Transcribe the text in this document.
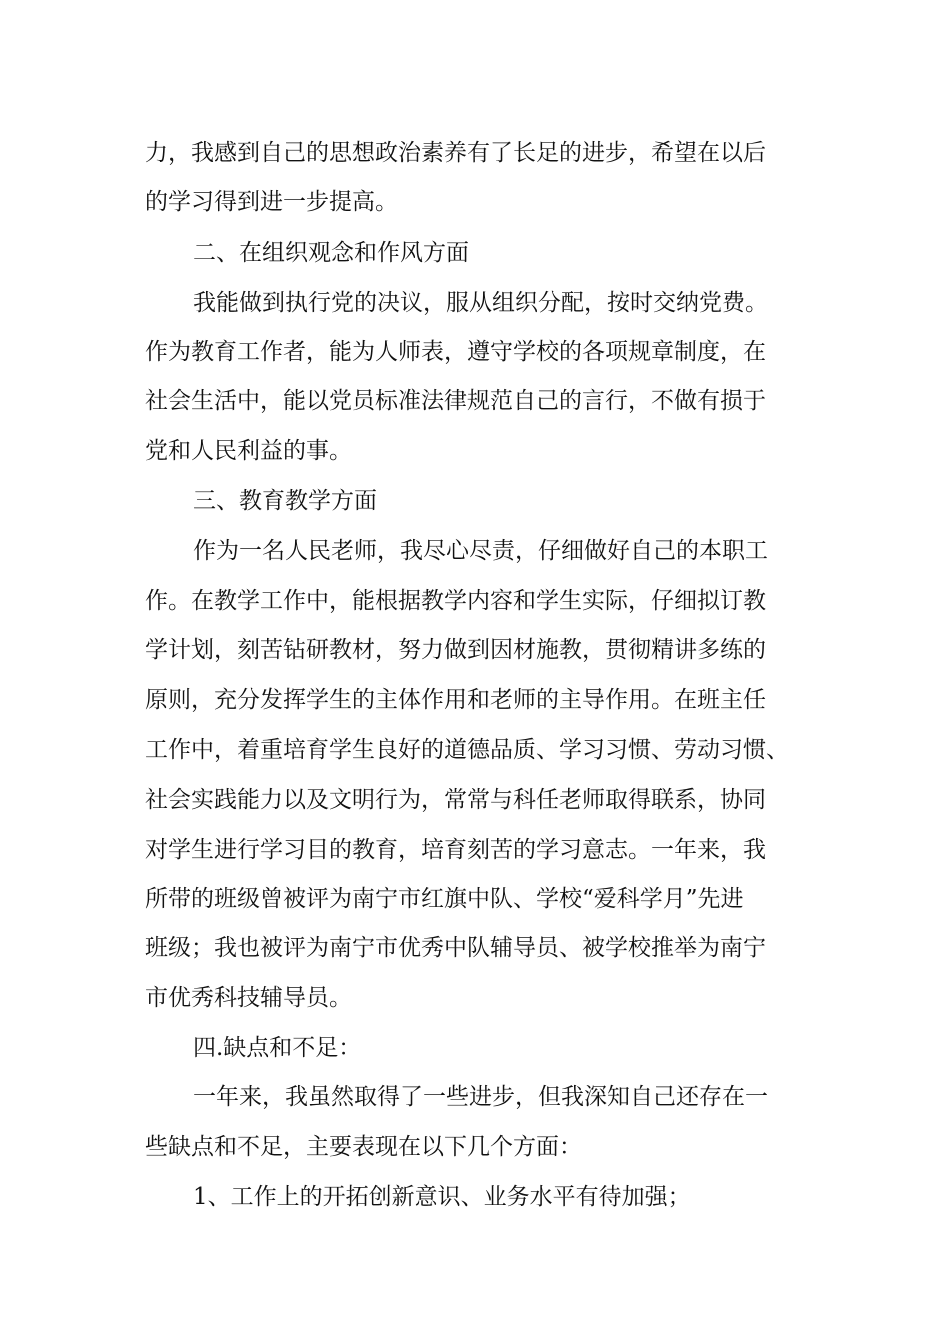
力，我感到自己的思想政治素养有了长足的进步，希望在以后

的学习得到进一步提高。

二、在组织观念和作风方面

我能做到执行党的决议，服从组织分配，按时交纳党费。

作为教育工作者，能为人师表，遵守学校的各项规章制度，在

社会生活中，能以党员标准法律规范自己的言行，不做有损于

党和人民利益的事。

三、教育教学方面

作为一名人民老师，我尽心尽责，仔细做好自己的本职工

作。在教学工作中，能根据教学内容和学生实际，仔细拟订教

学计划，刻苦钻研教材，努力做到因材施教，贯彻精讲多练的

原则，充分发挥学生的主体作用和老师的主导作用。在班主任

工作中，着重培育学生良好的道德品质、学习习惯、劳动习惯、

社会实践能力以及文明行为，常常与科任老师取得联系，协同

对学生进行学习目的教育，培育刻苦的学习意志。一年来，我

所带的班级曾被评为南宁市红旗中队、学校“爱科学月”先进

班级；我也被评为南宁市优秀中队辅导员、被学校推举为南宁

市优秀科技辅导员。

四.缺点和不足：

一年来，我虽然取得了一些进步，但我深知自己还存在一

些缺点和不足，主要表现在以下几个方面：

1、工作上的开拓创新意识、业务水平有待加强；
